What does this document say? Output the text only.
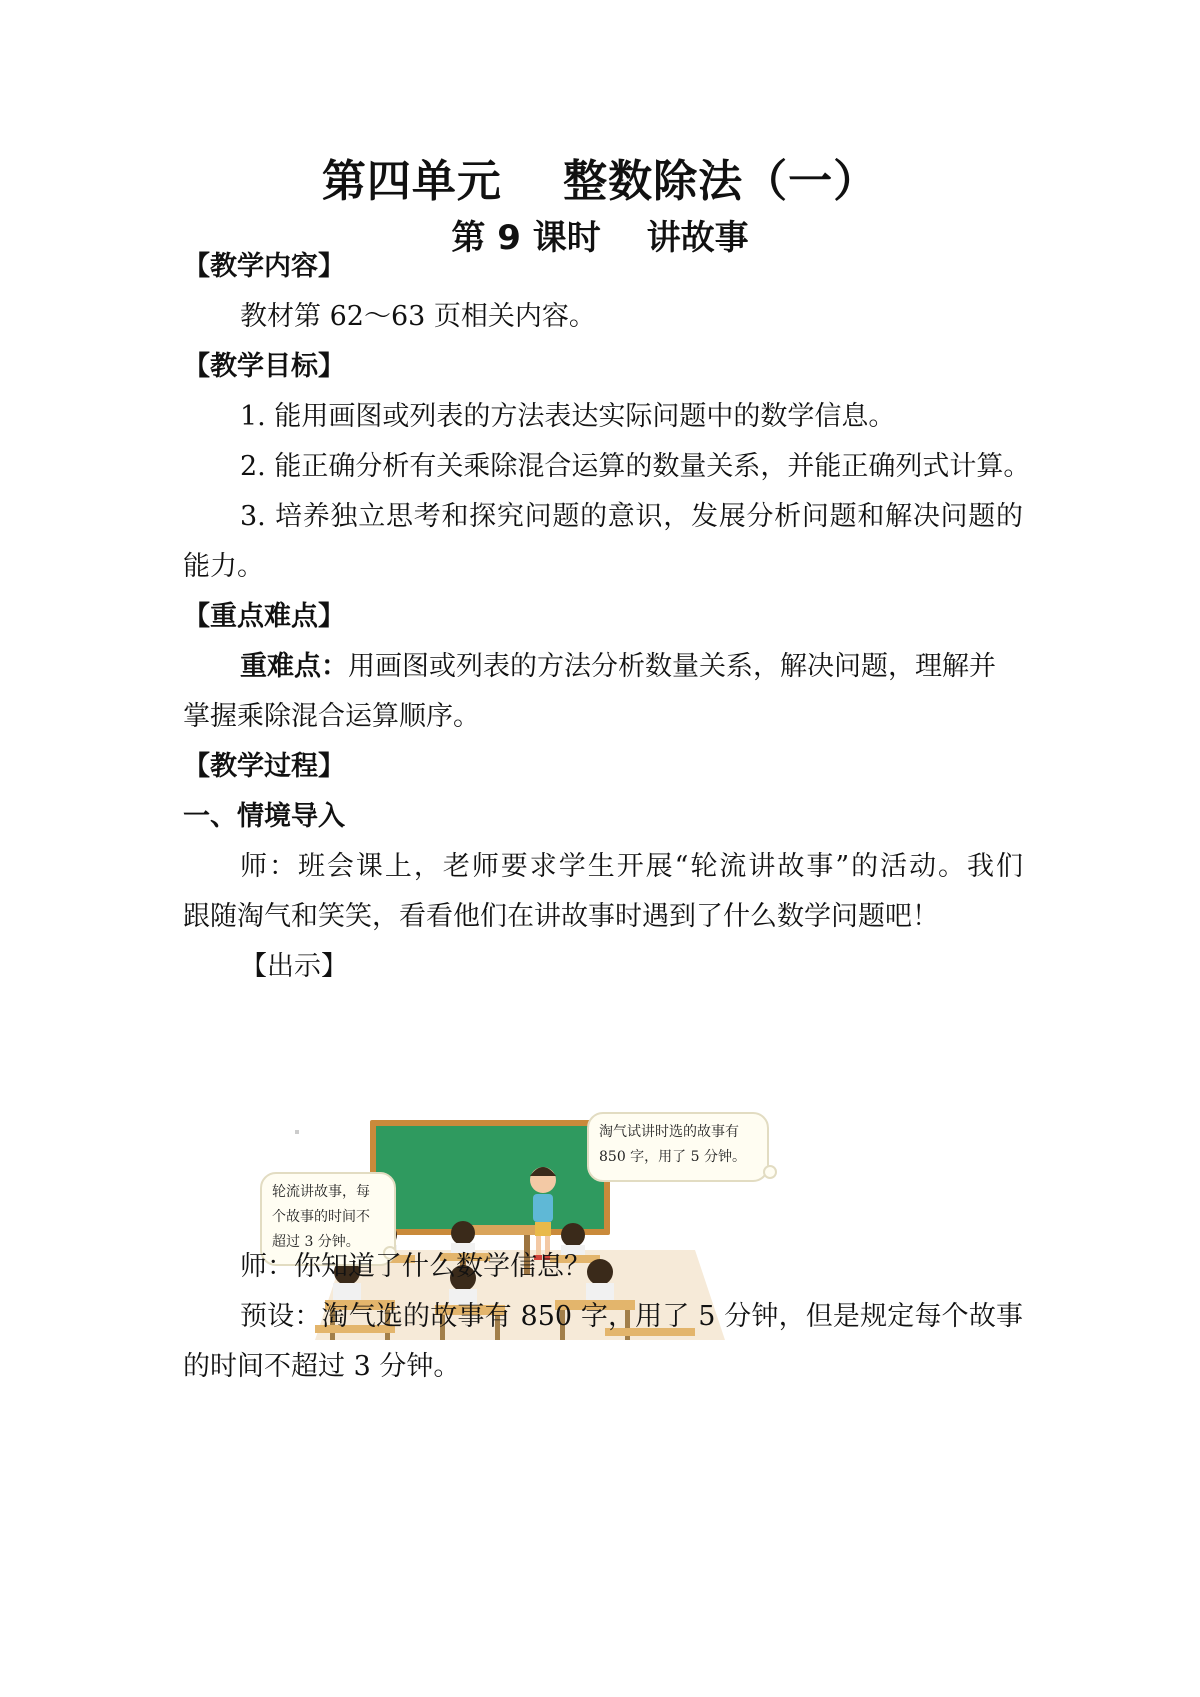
第四单元　 整数除法（一）
第 9 课时　 讲故事
【教学内容】
教材第 62～63 页相关内容。
【教学目标】
1. 能用画图或列表的方法表达实际问题中的数学信息。
2. 能正确分析有关乘除混合运算的数量关系，并能正确列式计算。
3. 培养独立思考和探究问题的意识，发展分析问题和解决问题的
能力。
【重点难点】
重难点：用画图或列表的方法分析数量关系，解决问题，理解并
掌握乘除混合运算顺序。
【教学过程】
一、情境导入
师：班会课上，老师要求学生开展“轮流讲故事”的活动。我们
跟随淘气和笑笑，看看他们在讲故事时遇到了什么数学问题吧！
【出示】
轮流讲故事，每
个故事的时间不
超过 3 分钟。
淘气试讲时选的故事有
850 字，用了 5 分钟。
师：你知道了什么数学信息？
预设：淘气选的故事有 850 字，用了 5 分钟，但是规定每个故事
的时间不超过 3 分钟。
